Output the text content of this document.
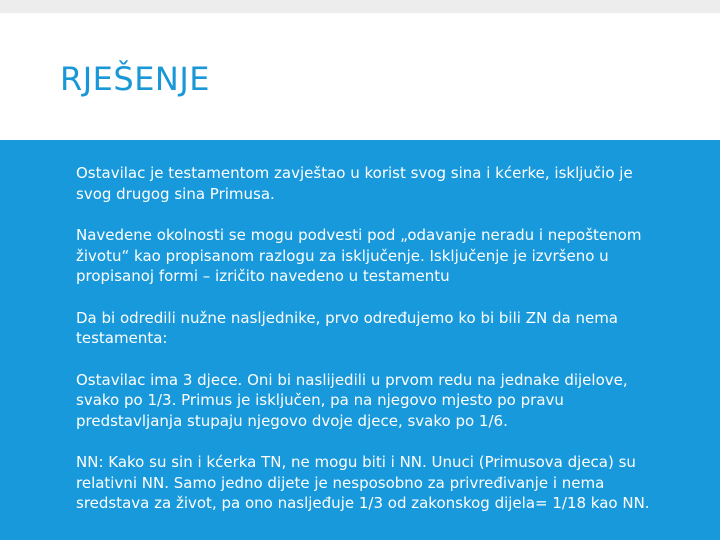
RJEŠENJE
Ostavilac je testamentom zavještao u korist svog sina i kćerke, isključio je svog drugog sina Primusa.
Navedene okolnosti se mogu podvesti pod „odavanje neradu i nepoštenom životu“ kao propisanom razlogu za isključenje. Isključenje je izvršeno u propisanoj formi – izričito navedeno u testamentu
Da bi odredili nužne nasljednike, prvo određujemo ko bi bili ZN da nema testamenta:
Ostavilac ima 3 djece. Oni bi naslijedili u prvom redu na jednake dijelove, svako po 1/3. Primus je isključen, pa na njegovo mjesto po pravu predstavljanja stupaju njegovo dvoje djece, svako po 1/6.
NN: Kako su sin i kćerka TN, ne mogu biti i NN. Unuci (Primusova djeca) su relativni NN. Samo jedno dijete je nesposobno za privređivanje i nema sredstava za život, pa ono nasljeđuje 1/3 od zakonskog dijela= 1/18 kao NN.
